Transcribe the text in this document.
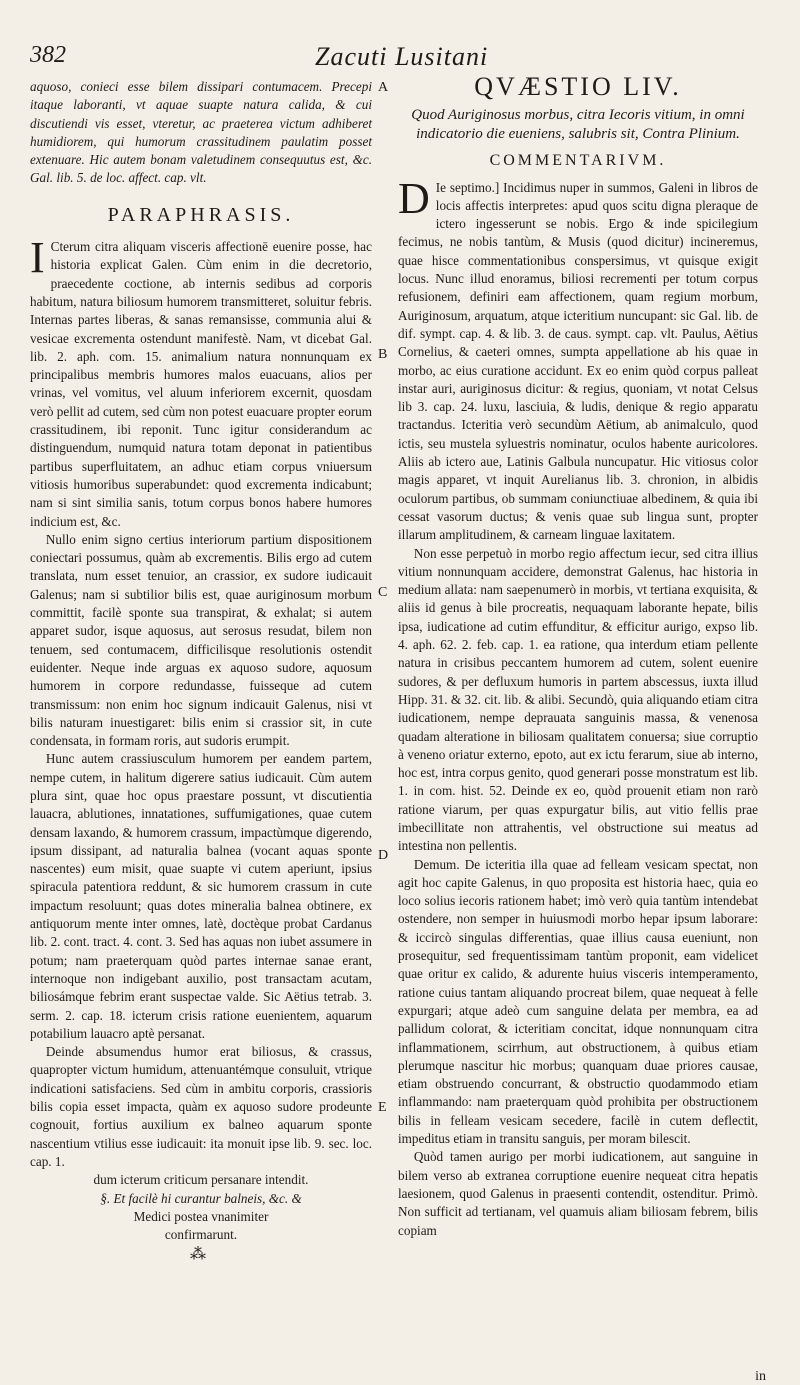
382	Zacuti Lusitani

aquoso, conieci esse bilem dissipari contumacem. Precepi itaque laboranti, vt aquae suapte natura calida, & cui discutiendi vis esset, vteretur, ac praeterea victum adhiberet humidiorem, qui humorum crassitudinem paulatim posset extenuare. Hic autem bonam valetudinem consequutus est, &c. Gal. lib. 5. de loc. affect. cap. vlt.

PARAPHRASIS.

I Cterum citra aliquam visceris affectionē euenire posse, hac historia explicat Galen. Cùm enim in die decretorio, praecedente coctione, ab internis sedibus ad corporis habitum, natura biliosum humorem transmitteret, soluitur febris. Internas partes liberas, & sanas remansisse, communia alui & vesicae excrementa ostendunt manifestè. Nam, vt dicebat Gal. lib. 2. aph. com. 15. animalium natura nonnunquam ex principalibus membris humores malos euacuans, alios per vrinas, vel vomitus, vel aluum inferiorem excernit, quosdam verò pellit ad cutem, sed cùm non potest euacuare propter eorum crassitudinem, ibi reponit. Tunc igitur considerandum ac distinguendum, numquid natura totam deponat in patientibus partibus superfluitatem, an adhuc etiam corpus vniuersum vitiosis humoribus superabundet: quod excrementa indicabunt; nam si sint similia sanis, totum corpus bonos habere humores indicium est, &c.

Nullo enim signo certius interiorum partium dispositionem coniectari possumus, quàm ab excrementis. Bilis ergo ad cutem translata, num esset tenuior, an crassior, ex sudore iudicauit Galenus; nam si subtilior bilis est, quae auriginosum morbum committit, facilè sponte sua transpirat, & exhalat; si autem apparet sudor, isque aquosus, aut serosus resudat, bilem non tenuem, sed contumacem, difficilisque resolutionis ostendit euidenter. Neque inde arguas ex aquoso sudore, aquosum humorem in corpore redundasse, fuisseque ad cutem transmissum: non enim hoc signum indicauit Galenus, nisi vt bilis naturam inuestigaret: bilis enim si crassior sit, in cute condensata, in formam roris, aut sudoris erumpit.

Hunc autem crassiusculum humorem per eandem partem, nempe cutem, in halitum digerere satius iudicauit. Cùm autem plura sint, quae hoc opus praestare possunt, vt discutientia lauacra, ablutiones, innatationes, suffumigationes, quae cutem densam laxando, & humorem crassum, impactùmque digerendo, ipsum dissipant, ad naturalia balnea (vocant aquas sponte nascentes) eum misit, quae suapte vi cutem aperiunt, ipsius spiracula patentiora reddunt, & sic humorem crassum in cute impactum resoluunt; quas dotes mineralia balnea obtinere, ex antiquorum mente inter omnes, latè, doctèque probat Cardanus lib. 2. cont. tract. 4. cont. 3. Sed has aquas non iubet assumere in potum; nam praeterquam quòd partes internae sanae erant, internoque non indigebant auxilio, post transactam acutam, biliosámque febrim erant suspectae valde. Sic Aëtius tetrab. 3. serm. 2. cap. 18. icterum crisis ratione euenientem, aquarum potabilium lauacro aptè persanat.

Deinde absumendus humor erat biliosus, & crassus, quapropter victum humidum, attenuantémque consuluit, vtrique indicationi satisfaciens. Sed cùm in ambitu corporis, crassioris bilis copia esset impacta, quàm ex aquoso sudore prodeunte cognouit, fortius auxilium ex balneo aquarum sponte nascentium vtilius esse iudicauit: ita monuit ipse lib. 9. sec. loc. cap. 1.

dum icterum criticum persanare intendit.
§. Et facilè hi curantur balneis, &c. &
Medici postea vnanimiter
confirmarunt.
⁂
A
B
C
D
E
QVÆSTIO LIV.
Quod Auriginosus morbus, citra Iecoris vitium, in omni indicatorio die eueniens, salubris sit, Contra Plinium.
COMMENTARIVM.

D Ie septimo.] Incidimus nuper in summos, Galeni in libros de locis affectis interpretes: apud quos scitu digna pleraque de ictero ingesserunt se nobis. Ergo & inde spicilegium fecimus, ne nobis tantùm, & Musis (quod dicitur) incineremus, quae hisce commentationibus conspersimus, vt quisque exigit locus. Nunc illud enoramus, biliosi recrementi per totum corpus refusionem, definiri eam affectionem, quam regium morbum, Auriginosum, arquatum, atque icteritium nuncupant: sic Gal. lib. de dif. sympt. cap. 4. & lib. 3. de caus. sympt. cap. vlt. Paulus, Aëtius Cornelius, & caeteri omnes, sumpta appellatione ab his quae in morbo, ac eius curatione accidunt. Ex eo enim quòd corpus palleat instar auri, auriginosus dicitur: & regius, quoniam, vt notat Celsus lib 3. cap. 24. luxu, lasciuia, & ludis, denique & regio apparatu tractandus. Icteritia verò secundùm Aëtium, ab animalculo, quod ictis, seu mustela syluestris nominatur, oculos habente auricolores. Aliis ab ictero aue, Latinis Galbula nuncupatur. Hic vitiosus color magis apparet, vt inquit Aurelianus lib. 3. chronion, in albidis oculorum partibus, ob summam coniunctiuae albedinem, & quia ibi cessat vasorum ductus; & venis quae sub lingua sunt, propter illarum amplitudinem, & carneam linguae laxitatem.

Non esse perpetuò in morbo regio affectum iecur, sed citra illius vitium nonnunquam accidere, demonstrat Galenus, hac historia in medium allata: nam saepenumerò in morbis, vt tertiana exquisita, & aliis id genus à bile procreatis, nequaquam laborante hepate, bilis ipsa, iudicatione ad cutim effunditur, & efficitur aurigo, expso lib. 4. aph. 62. 2. feb. cap. 1. ea ratione, qua interdum etiam pellente natura in crisibus peccantem humorem ad cutem, solent euenire sudores, & per defluxum humoris in partem abscessus, iuxta illud Hipp. 31. & 32. cit. lib. & alibi. Secundò, quia aliquando etiam citra iudicationem, nempe deprauata sanguinis massa, & venenosa quadam alteratione in biliosam qualitatem conuersa; siue corruptio à veneno oriatur externo, epoto, aut ex ictu ferarum, siue ab interno, hoc est, intra corpus genito, quod generari posse monstratum est lib. 1. in com. hist. 52. Deinde ex eo, quòd prouenit etiam non rarò ratione viarum, per quas expurgatur bilis, aut vitio fellis prae imbecillitate non attrahentis, vel obstructione sui meatus ad intestina non pellentis.

Demum. De icteritia illa quae ad felleam vesicam spectat, non agit hoc capite Galenus, in quo proposita est historia haec, quia eo loco solius iecoris rationem habet; imò verò quia tantùm intendebat ostendere, non semper in huiusmodi morbo hepar ipsum laborare: & iccircò singulas differentias, quae illius causa eueniunt, non prosequitur, sed frequentissimam tantùm proponit, eam videlicet quae oritur ex calido, & adurente huius visceris intemperamento, ratione cuius tantam aliquando procreat bilem, quae nequeat à felle expurgari; atque adeò cum sanguine delata per membra, ea ad pallidum colorat, & icteritiam concitat, idque nonnunquam citra inflammationem, scirrhum, aut obstructionem, à quibus etiam plerumque nascitur hic morbus; quanquam duae priores causae, etiam obstruendo concurrant, & obstructio quodammodo etiam inflammando: nam praeterquam quòd prohibita per obstructionem bilis in felleam vesicam secedere, facilè in cutem deflectit, impeditus etiam in transitu sanguis, per moram bilescit.

Quòd tamen aurigo per morbi iudicationem, aut sanguine in bilem verso ab extranea corruptione euenire nequeat citra hepatis laesionem, quod Galenus in praesenti contendit, ostenditur. Primò. Non sufficit ad tertianam, vel quamuis aliam biliosam febrem, bilis copiam

in
